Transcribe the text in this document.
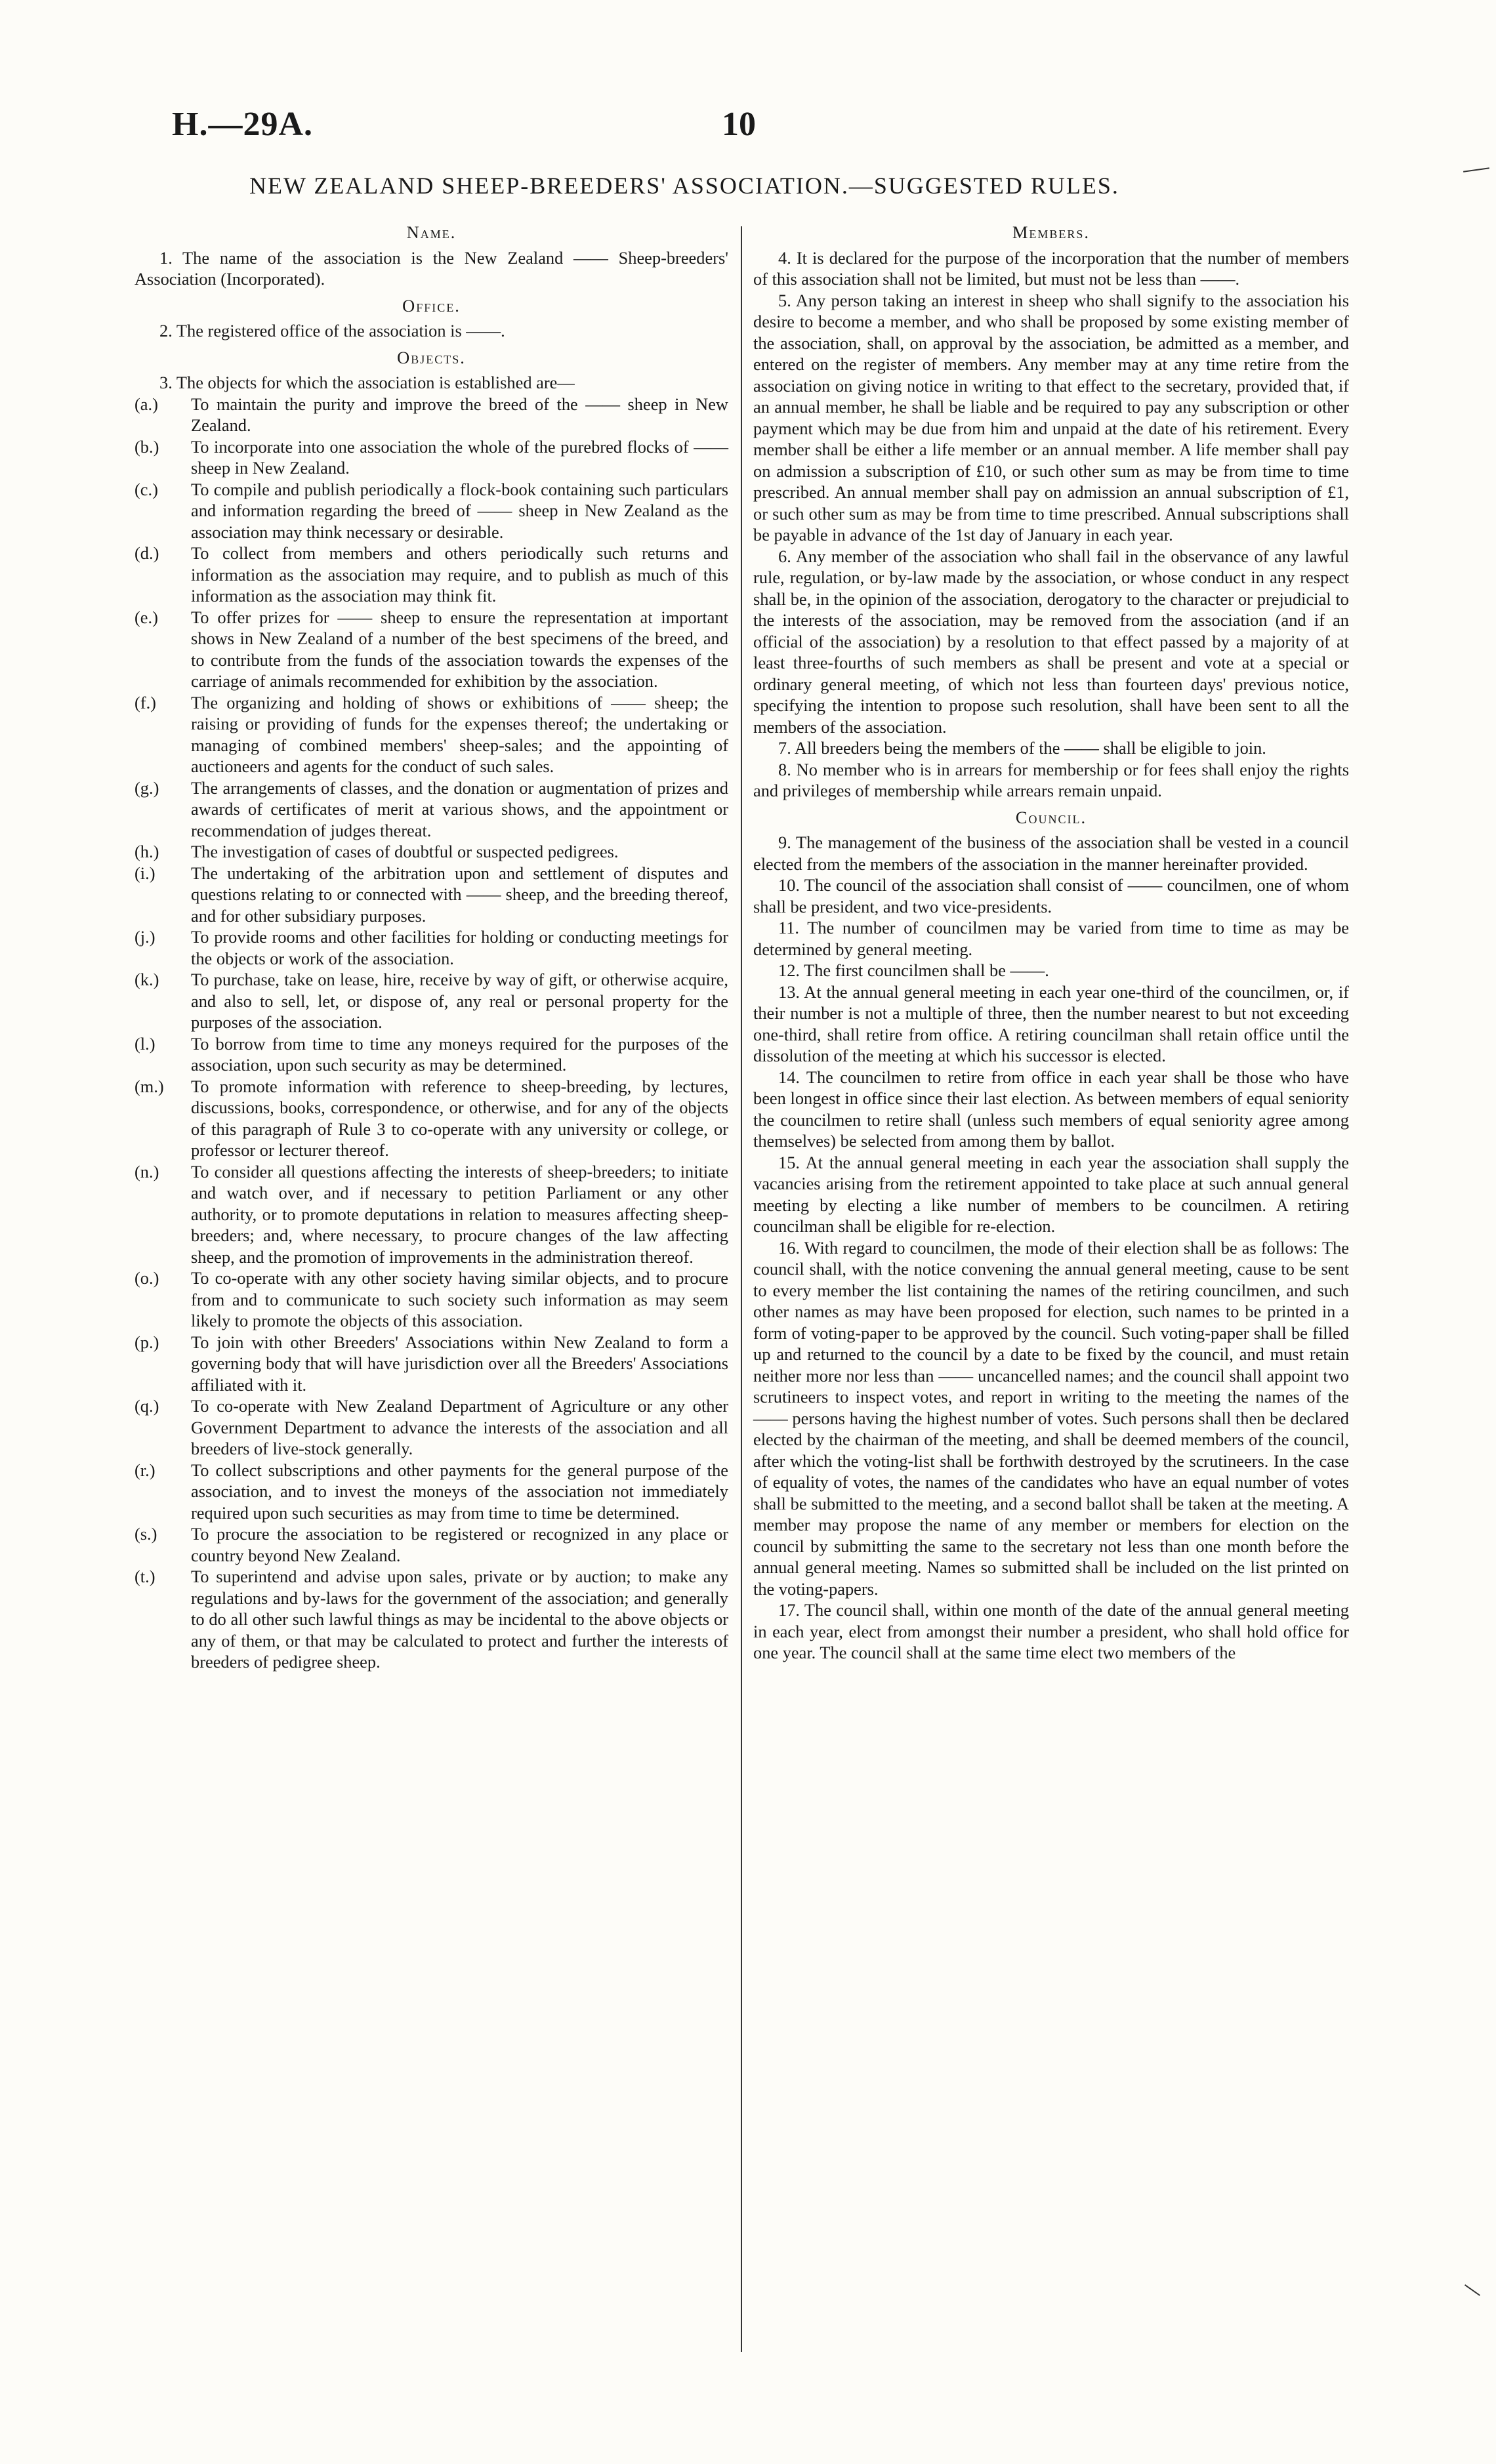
H.—29A.	10
NEW ZEALAND SHEEP-BREEDERS' ASSOCIATION.—SUGGESTED RULES.
Name.

1. The name of the association is the New Zealand —— Sheep-breeders' Association (Incorporated).

Office.

2. The registered office of the association is ——.

Objects.

3. The objects for which the association is established are—

(a.) To maintain the purity and improve the breed of the —— sheep in New Zealand.
(b.) To incorporate into one association the whole of the purebred flocks of —— sheep in New Zealand.
(c.) To compile and publish periodically a flock-book containing such particulars and information regarding the breed of —— sheep in New Zealand as the association may think necessary or desirable.
(d.) To collect from members and others periodically such returns and information as the association may require, and to publish as much of this information as the association may think fit.
(e.) To offer prizes for —— sheep to ensure the representation at important shows in New Zealand of a number of the best specimens of the breed, and to contribute from the funds of the association towards the expenses of the carriage of animals recommended for exhibition by the association.
(f.) The organizing and holding of shows or exhibitions of —— sheep; the raising or providing of funds for the expenses thereof; the undertaking or managing of combined members' sheep-sales; and the appointing of auctioneers and agents for the conduct of such sales.
(g.) The arrangements of classes, and the donation or augmentation of prizes and awards of certificates of merit at various shows, and the appointment or recommendation of judges thereat.
(h.) The investigation of cases of doubtful or suspected pedigrees.
(i.) The undertaking of the arbitration upon and settlement of disputes and questions relating to or connected with —— sheep, and the breeding thereof, and for other subsidiary purposes.
(j.) To provide rooms and other facilities for holding or conducting meetings for the objects or work of the association.
(k.) To purchase, take on lease, hire, receive by way of gift, or otherwise acquire, and also to sell, let, or dispose of, any real or personal property for the purposes of the association.
(l.) To borrow from time to time any moneys required for the purposes of the association, upon such security as may be determined.
(m.) To promote information with reference to sheep-breeding, by lectures, discussions, books, correspondence, or otherwise, and for any of the objects of this paragraph of Rule 3 to co-operate with any university or college, or professor or lecturer thereof.
(n.) To consider all questions affecting the interests of sheep-breeders; to initiate and watch over, and if necessary to petition Parliament or any other authority, or to promote deputations in relation to measures affecting sheep-breeders; and, where necessary, to procure changes of the law affecting sheep, and the promotion of improvements in the administration thereof.
(o.) To co-operate with any other society having similar objects, and to procure from and to communicate to such society such information as may seem likely to promote the objects of this association.
(p.) To join with other Breeders' Associations within New Zealand to form a governing body that will have jurisdiction over all the Breeders' Associations affiliated with it.
(q.) To co-operate with New Zealand Department of Agriculture or any other Government Department to advance the interests of the association and all breeders of live-stock generally.
(r.) To collect subscriptions and other payments for the general purpose of the association, and to invest the moneys of the association not immediately required upon such securities as may from time to time be determined.
(s.) To procure the association to be registered or recognized in any place or country beyond New Zealand.
(t.) To superintend and advise upon sales, private or by auction; to make any regulations and by-laws for the government of the association; and generally to do all other such lawful things as may be incidental to the above objects or any of them, or that may be calculated to protect and further the interests of breeders of pedigree sheep.
Members.

4. It is declared for the purpose of the incorporation that the number of members of this association shall not be limited, but must not be less than ——.

5. Any person taking an interest in sheep who shall signify to the association his desire to become a member, and who shall be proposed by some existing member of the association, shall, on approval by the association, be admitted as a member, and entered on the register of members. Any member may at any time retire from the association on giving notice in writing to that effect to the secretary, provided that, if an annual member, he shall be liable and be required to pay any subscription or other payment which may be due from him and unpaid at the date of his retirement. Every member shall be either a life member or an annual member. A life member shall pay on admission a subscription of £10, or such other sum as may be from time to time prescribed. An annual member shall pay on admission an annual subscription of £1, or such other sum as may be from time to time prescribed. Annual subscriptions shall be payable in advance of the 1st day of January in each year.

6. Any member of the association who shall fail in the observance of any lawful rule, regulation, or by-law made by the association, or whose conduct in any respect shall be, in the opinion of the association, derogatory to the character or prejudicial to the interests of the association, may be removed from the association (and if an official of the association) by a resolution to that effect passed by a majority of at least three-fourths of such members as shall be present and vote at a special or ordinary general meeting, of which not less than fourteen days' previous notice, specifying the intention to propose such resolution, shall have been sent to all the members of the association.

7. All breeders being the members of the —— shall be eligible to join.

8. No member who is in arrears for membership or for fees shall enjoy the rights and privileges of membership while arrears remain unpaid.

Council.

9. The management of the business of the association shall be vested in a council elected from the members of the association in the manner hereinafter provided.

10. The council of the association shall consist of —— councilmen, one of whom shall be president, and two vice-presidents.

11. The number of councilmen may be varied from time to time as may be determined by general meeting.

12. The first councilmen shall be ——.

13. At the annual general meeting in each year one-third of the councilmen, or, if their number is not a multiple of three, then the number nearest to but not exceeding one-third, shall retire from office. A retiring councilman shall retain office until the dissolution of the meeting at which his successor is elected.

14. The councilmen to retire from office in each year shall be those who have been longest in office since their last election. As between members of equal seniority the councilmen to retire shall (unless such members of equal seniority agree among themselves) be selected from among them by ballot.

15. At the annual general meeting in each year the association shall supply the vacancies arising from the retirement appointed to take place at such annual general meeting by electing a like number of members to be councilmen. A retiring councilman shall be eligible for re-election.

16. With regard to councilmen, the mode of their election shall be as follows: The council shall, with the notice convening the annual general meeting, cause to be sent to every member the list containing the names of the retiring councilmen, and such other names as may have been proposed for election, such names to be printed in a form of voting-paper to be approved by the council. Such voting-paper shall be filled up and returned to the council by a date to be fixed by the council, and must retain neither more nor less than —— uncancelled names; and the council shall appoint two scrutineers to inspect votes, and report in writing to the meeting the names of the —— persons having the highest number of votes. Such persons shall then be declared elected by the chairman of the meeting, and shall be deemed members of the council, after which the voting-list shall be forthwith destroyed by the scrutineers. In the case of equality of votes, the names of the candidates who have an equal number of votes shall be submitted to the meeting, and a second ballot shall be taken at the meeting. A member may propose the name of any member or members for election on the council by submitting the same to the secretary not less than one month before the annual general meeting. Names so submitted shall be included on the list printed on the voting-papers.

17. The council shall, within one month of the date of the annual general meeting in each year, elect from amongst their number a president, who shall hold office for one year. The council shall at the same time elect two members of the
